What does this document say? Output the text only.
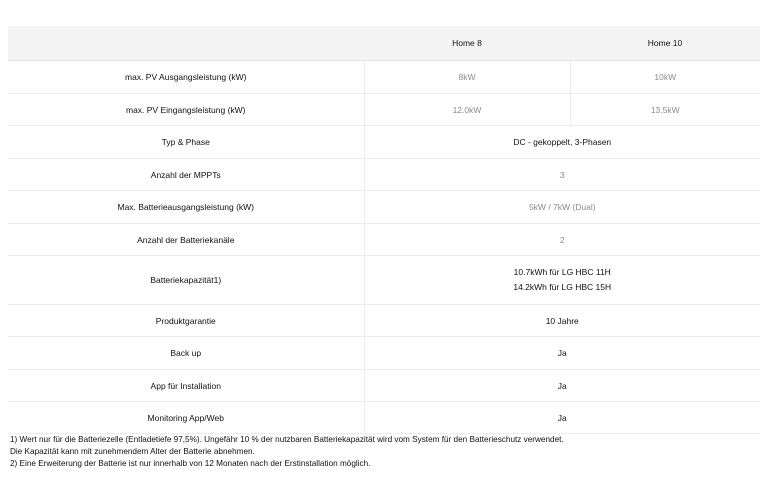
	Home 8	Home 10
max. PV Ausgangsleistung (kW)	8kW	10kW
max. PV Eingangsleistung (kW)	12.0kW	13.5kW
Typ & Phase	DC - gekoppelt, 3-Phasen	
Anzahl der MPPTs	3	
Max. Batterieausgangsleistung (kW)	5kW / 7kW (Dual)	
Anzahl der Batteriekanäle	2	
Batteriekapazität1)	10.7kWh für LG HBC 11H
14.2kWh für LG HBC 15H	

Produktgarantie	10 Jahre	
Back up	Ja	
App für Installation	Ja	
Monitoring App/Web	Ja	
1) Wert nur für die Batteriezelle (Entladetiefe 97,5%). Ungefähr 10 % der nutzbaren Batteriekapazität wird vom System für den Batterieschutz verwendet.
Die Kapazität kann mit zunehmendem Alter der Batterie abnehmen.
2) Eine Erweiterung der Batterie ist nur innerhalb von 12 Monaten nach der Erstinstallation möglich.
